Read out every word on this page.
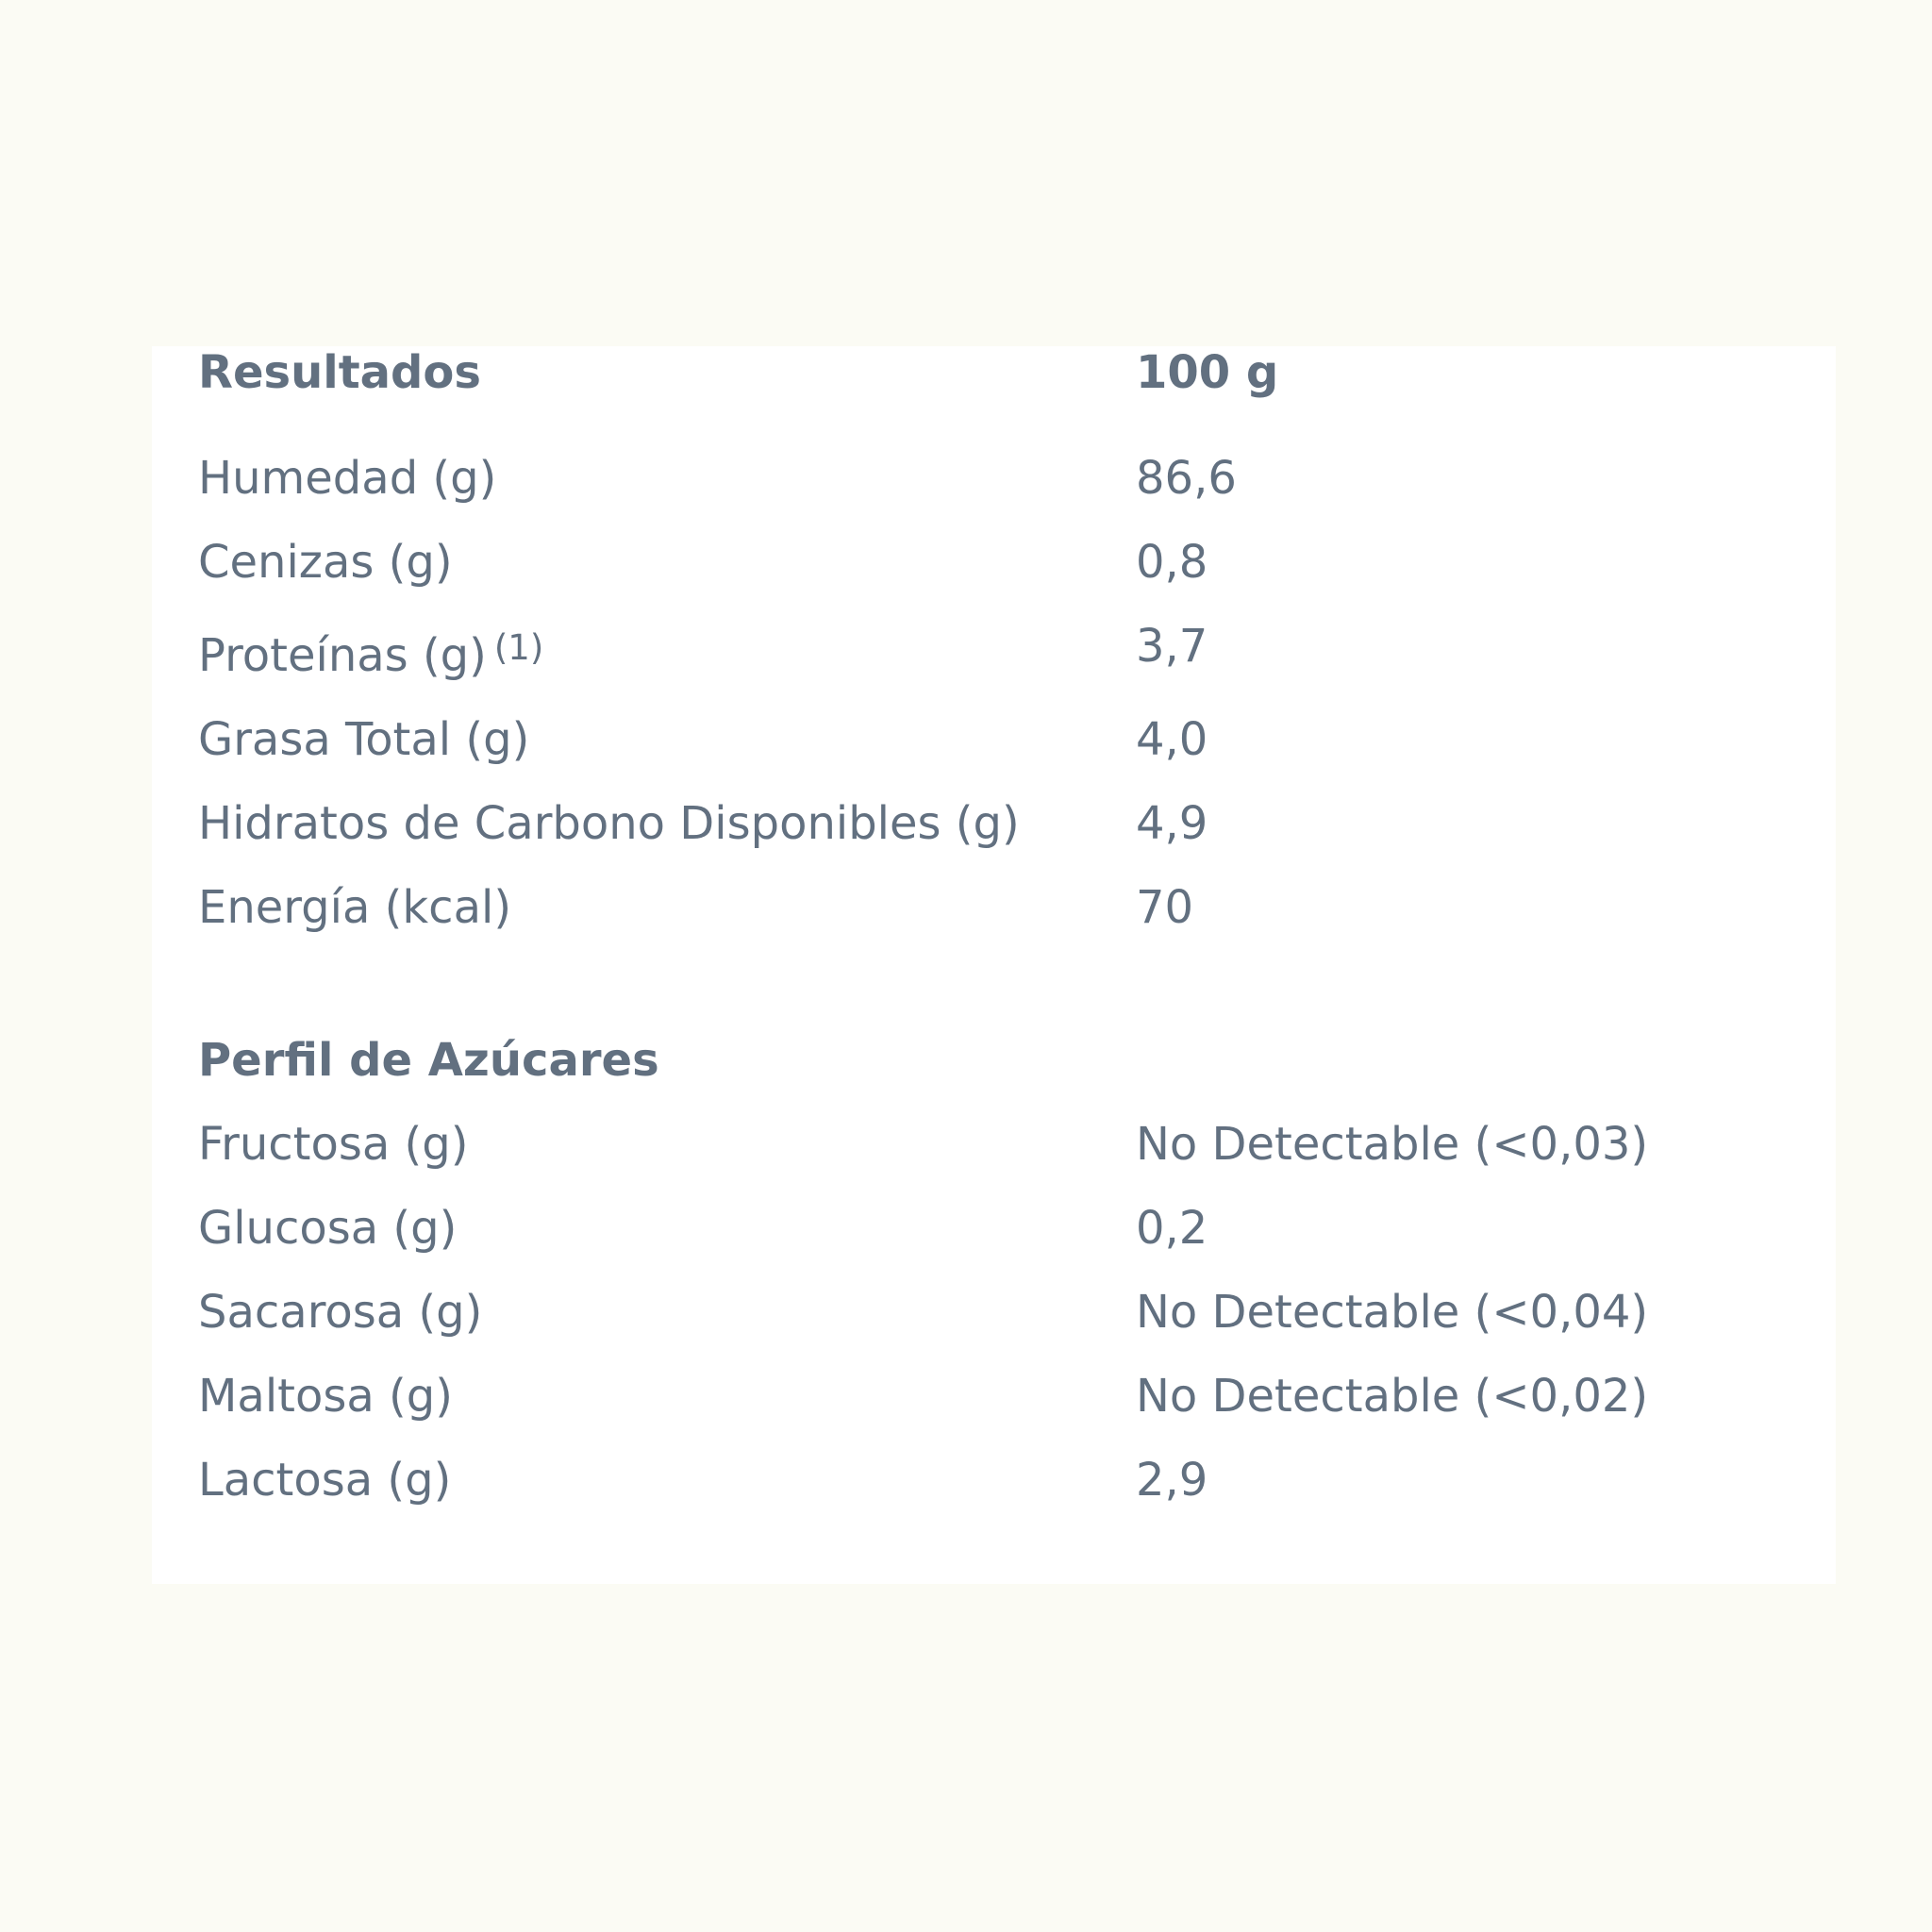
Resultados	100 g
Humedad (g)	86,6
Cenizas (g)	0,8
Proteínas (g) $^{(1)}$	3,7
Grasa Total (g)	4,0
Hidratos de Carbono Disponibles (g)	4,9
Energía (kcal)	70
Perfil de Azúcares
Fructosa (g)	No Detectable (<0,03)
Glucosa (g)	0,2
Sacarosa (g)	No Detectable (<0,04)
Maltosa (g)	No Detectable (<0,02)
Lactosa (g)	2,9
